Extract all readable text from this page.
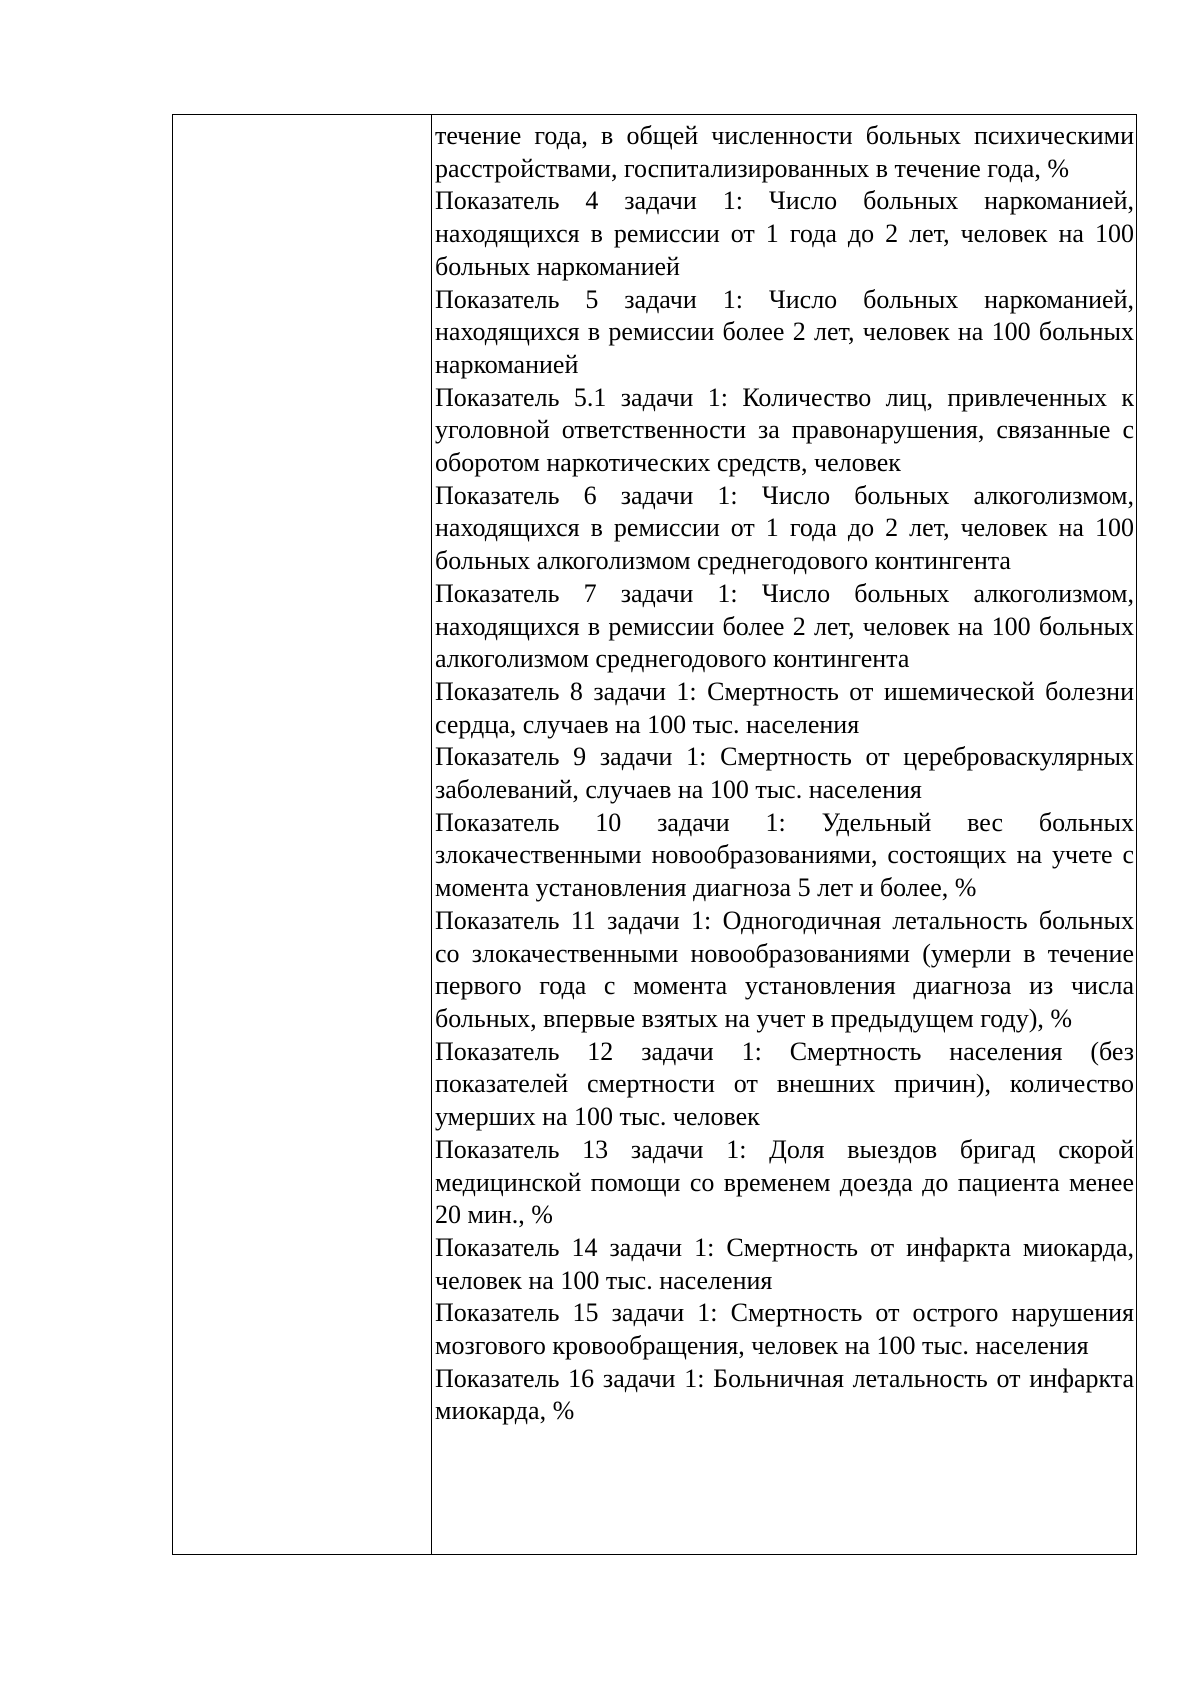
течение года, в общей численности больных психическими расстройствами, госпитализированных в течение года, %

Показатель 4 задачи 1: Число больных наркоманией, находящихся в ремиссии от 1 года до 2 лет, человек на 100 больных наркоманией

Показатель 5 задачи 1: Число больных наркоманией, находящихся в ремиссии более 2 лет, человек на 100 больных наркоманией

Показатель 5.1 задачи 1: Количество лиц, привлеченных к уголовной ответственности за правонарушения, связанные с оборотом наркотических средств, человек

Показатель 6 задачи 1: Число больных алкоголизмом, находящихся в ремиссии от 1 года до 2 лет, человек на 100 больных алкоголизмом среднегодового контингента

Показатель 7 задачи 1: Число больных алкоголизмом, находящихся в ремиссии более 2 лет, человек на 100 больных алкоголизмом среднегодового контингента

Показатель 8 задачи 1: Смертность от ишемической болезни сердца, случаев на 100 тыс. населения

Показатель 9 задачи 1: Смертность от цереброваскулярных заболеваний, случаев на 100 тыс. населения

Показатель 10 задачи 1: Удельный вес больных злокачественными новообразованиями, состоящих на учете с момента установления диагноза 5 лет и более, %

Показатель 11 задачи 1: Одногодичная летальность больных со злокачественными новообразованиями (умерли в течение первого года с момента установления диагноза из числа больных, впервые взятых на учет в предыдущем году), %

Показатель 12 задачи 1: Смертность населения (без показателей смертности от внешних причин), количество умерших на 100 тыс. человек

Показатель 13 задачи 1: Доля выездов бригад скорой медицинской помощи со временем доезда до пациента менее 20 мин., %

Показатель 14 задачи 1: Смертность от инфаркта миокарда, человек на 100 тыс. населения

Показатель 15 задачи 1: Смертность от острого нарушения мозгового кровообращения, человек на 100 тыс. населения

Показатель 16 задачи 1: Больничная летальность от инфаркта миокарда, %
